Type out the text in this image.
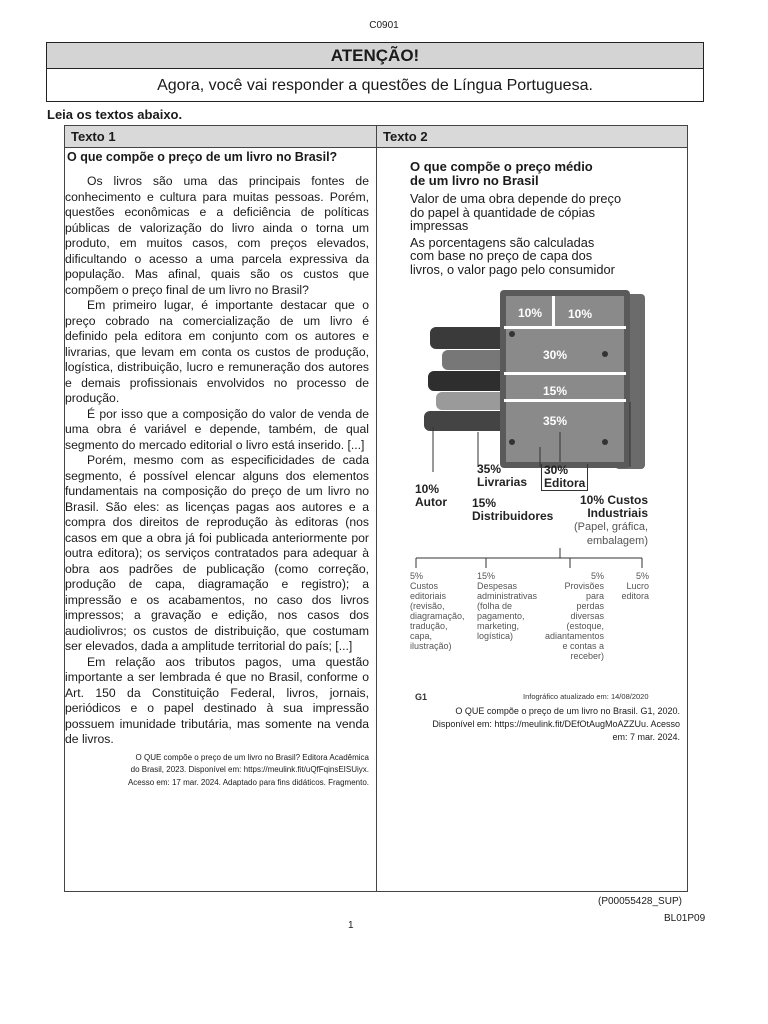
C0901
ATENÇÃO!
Agora, você vai responder a questões de Língua Portuguesa.
Leia os textos abaixo.
Texto 1	Texto 2
O que compõe o preço de um livro no Brasil?

Os livros são uma das principais fontes de conhecimento e cultura para muitas pessoas. Porém, questões econômicas e a deficiência de políticas públicas de valorização do livro ainda o torna um produto, em muitos casos, com preços elevados, dificultando o acesso a uma parcela expressiva da população. Mas afinal, quais são os custos que compõem o preço final de um livro no Brasil?

Em primeiro lugar, é importante destacar que o preço cobrado na comercialização de um livro é definido pela editora em conjunto com os autores e livrarias, que levam em conta os custos de produção, logística, distribuição, lucro e remuneração dos autores e demais profissionais envolvidos no processo de produção.

É por isso que a composição do valor de venda de uma obra é variável e depende, também, de qual segmento do mercado editorial o livro está inserido. [...]

Porém, mesmo com as especificidades de cada segmento, é possível elencar alguns dos elementos fundamentais na composição do preço de um livro no Brasil. São eles: as licenças pagas aos autores e a compra dos direitos de reprodução às editoras (nos casos em que a obra já foi publicada anteriormente por outra editora); os serviços contratados para adequar à obra aos padrões de publicação (como correção, produção de capa, diagramação e registro); a impressão e os acabamentos, no caso dos livros impressos; a gravação e edição, nos casos dos audiolivros; os custos de distribuição, que costumam ser elevados, dada a amplitude territorial do país; [...]

Em relação aos tributos pagos, uma questão importante a ser lembrada é que no Brasil, conforme o Art. 150 da Constituição Federal, livros, jornais, periódicos e o papel destinado à sua impressão possuem imunidade tributária, mas somente na venda de livros.

O QUE compõe o preço de um livro no Brasil? Editora Acadêmica
do Brasil, 2023. Disponível em: https://meulink.fit/uQfFqinsEISUiyx.
Acesso em: 17 mar. 2024. Adaptado para fins didáticos. Fragmento.

O que compõe o preço médio
de um livro no Brasil
Valor de uma obra depende do preço
do papel à quantidade de cópias
impressas
As porcentagens são calculadas
com base no preço de capa dos
livros, o valor pago pelo consumidor
10% 10%
30%
15%
35%
10%
Autor
35%
Livrarias
30%
Editora
15%
Distribuidores
10% Custos
Industriais
(Papel, gráfica,
embalagem)
5%
Custos
editoriais
(revisão,
diagramação,
tradução,
capa,
ilustração)
15%
Despesas
administrativas
(folha de
pagamento,
marketing,
logística)
5%
Provisões
para
perdas
diversas
(estoque,
adiantamentos
e contas a
receber)
5%
Lucro
editora
G1	Infográfico atualizado em: 14/08/2020
O QUE compõe o preço de um livro no Brasil. G1, 2020.
Disponível em: https://meulink.fit/DEfOtAugMoAZZUu. Acesso
em: 7 mar. 2024.
(P00055428_SUP)
1
BL01P09
